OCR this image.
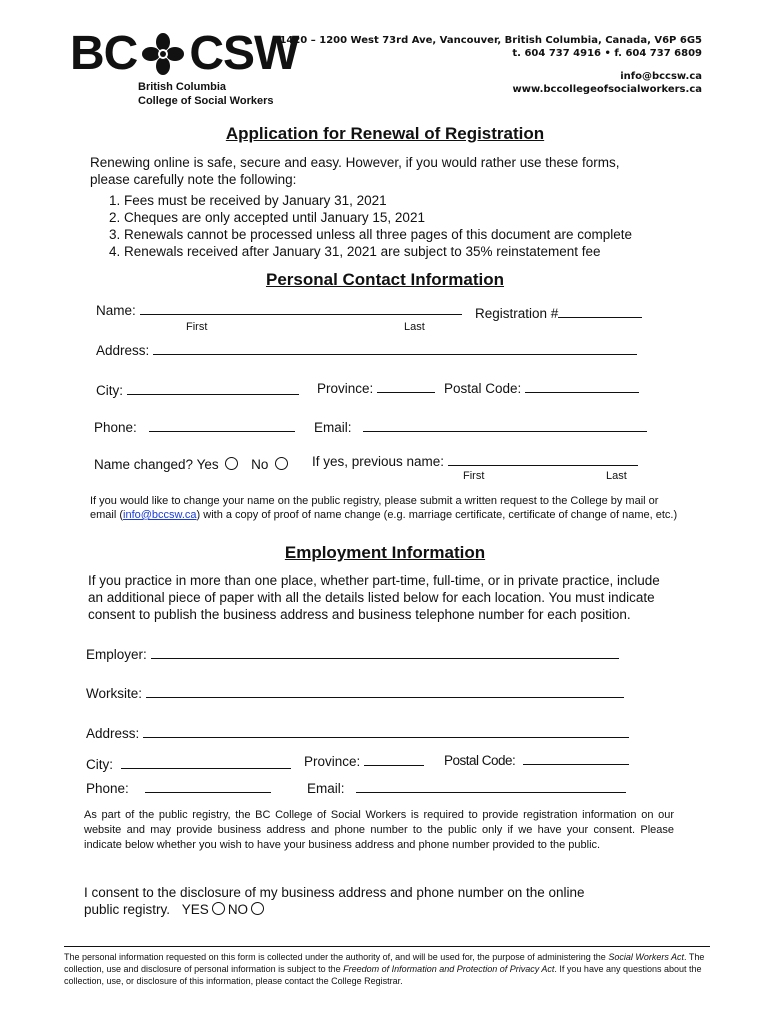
BC CSW
British Columbia
College of Social Workers
1420 – 1200 West 73rd Ave, Vancouver, British Columbia, Canada, V6P 6G5
t. 604 737 4916 • f. 604 737 6809
info@bccsw.ca
www.bccollegeofsocialworkers.ca
Application for Renewal of Registration
Renewing online is safe, secure and easy. However, if you would rather use these forms, please carefully note the following:
1. Fees must be received by January 31, 2021
2. Cheques are only accepted until January 15, 2021
3. Renewals cannot be processed unless all three pages of this document are complete
4. Renewals received after January 31, 2021 are subject to 35% reinstatement fee
Personal Contact Information
Name:	Registration #
First	Last
Address:
City:	Province:	Postal Code:
Phone:	Email:
Name changed? Yes No	If yes, previous name:
First	Last
If you would like to change your name on the public registry, please submit a written request to the College by mail or email (info@bccsw.ca) with a copy of proof of name change (e.g. marriage certificate, certificate of change of name, etc.)
Employment Information
If you practice in more than one place, whether part-time, full-time, or in private practice, include an additional piece of paper with all the details listed below for each location. You must indicate consent to publish the business address and business telephone number for each position.
Employer:
Worksite:
Address:
City:	Province:	Postal Code:
Phone:	Email:
As part of the public registry, the BC College of Social Workers is required to provide registration information on our website and may provide business address and phone number to the public only if we have your consent. Please indicate below whether you wish to have your business address and phone number provided to the public.
I consent to the disclosure of my business address and phone number on the online public registry. YES NO
The personal information requested on this form is collected under the authority of, and will be used for, the purpose of administering the Social Workers Act. The collection, use and disclosure of personal information is subject to the Freedom of Information and Protection of Privacy Act. If you have any questions about the collection, use, or disclosure of this information, please contact the College Registrar.
